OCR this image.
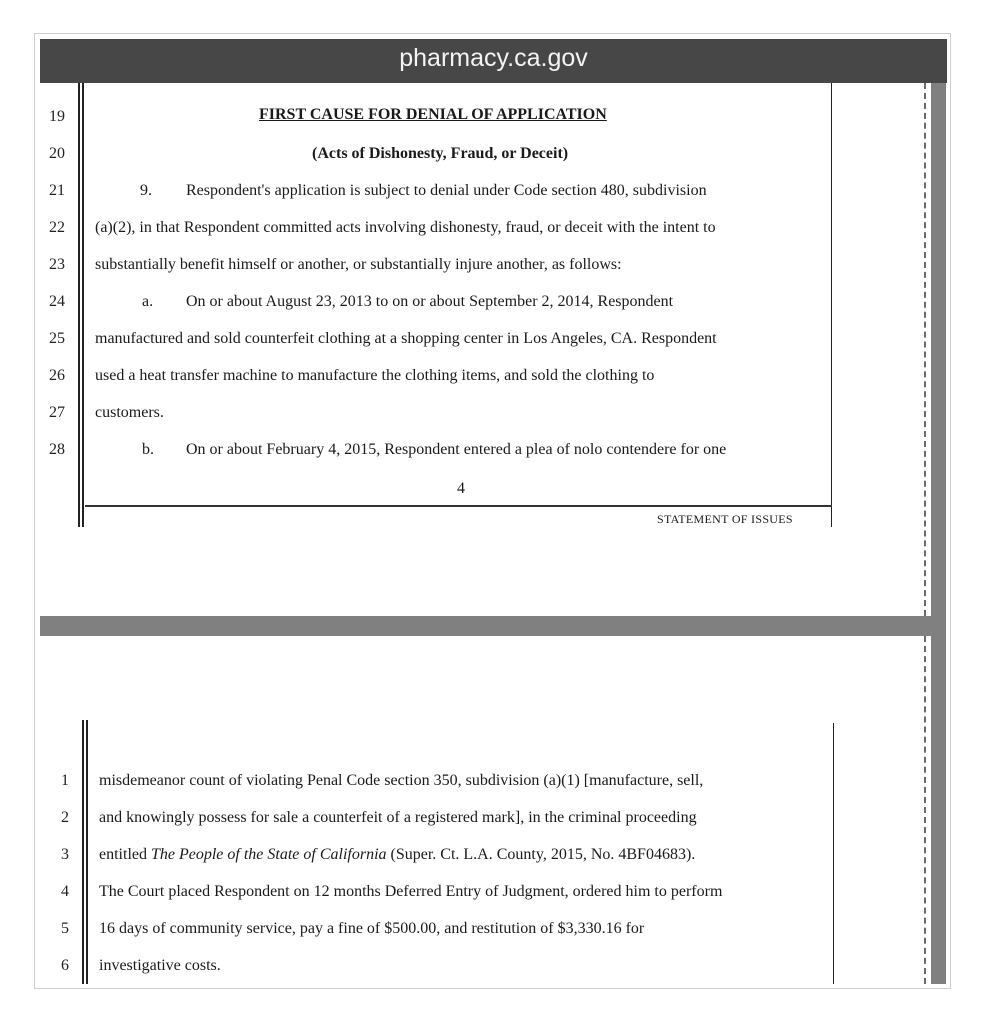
pharmacy.ca.gov
19
20
21
22
23
24
25
26
27
28
FIRST CAUSE FOR DENIAL OF APPLICATION
(Acts of Dishonesty, Fraud, or Deceit)
9. Respondent's application is subject to denial under Code section 480, subdivision
(a)(2), in that Respondent committed acts involving dishonesty, fraud, or deceit with the intent to
substantially benefit himself or another, or substantially injure another, as follows:
a. On or about August 23, 2013 to on or about September 2, 2014, Respondent
manufactured and sold counterfeit clothing at a shopping center in Los Angeles, CA. Respondent
used a heat transfer machine to manufacture the clothing items, and sold the clothing to
customers.
b. On or about February 4, 2015, Respondent entered a plea of nolo contendere for one
4
STATEMENT OF ISSUES
1
2
3
4
5
6
misdemeanor count of violating Penal Code section 350, subdivision (a)(1) [manufacture, sell,
and knowingly possess for sale a counterfeit of a registered mark], in the criminal proceeding
entitled The People of the State of California (Super. Ct. L.A. County, 2015, No. 4BF04683).
The Court placed Respondent on 12 months Deferred Entry of Judgment, ordered him to perform
16 days of community service, pay a fine of $500.00, and restitution of $3,330.16 for
investigative costs.
